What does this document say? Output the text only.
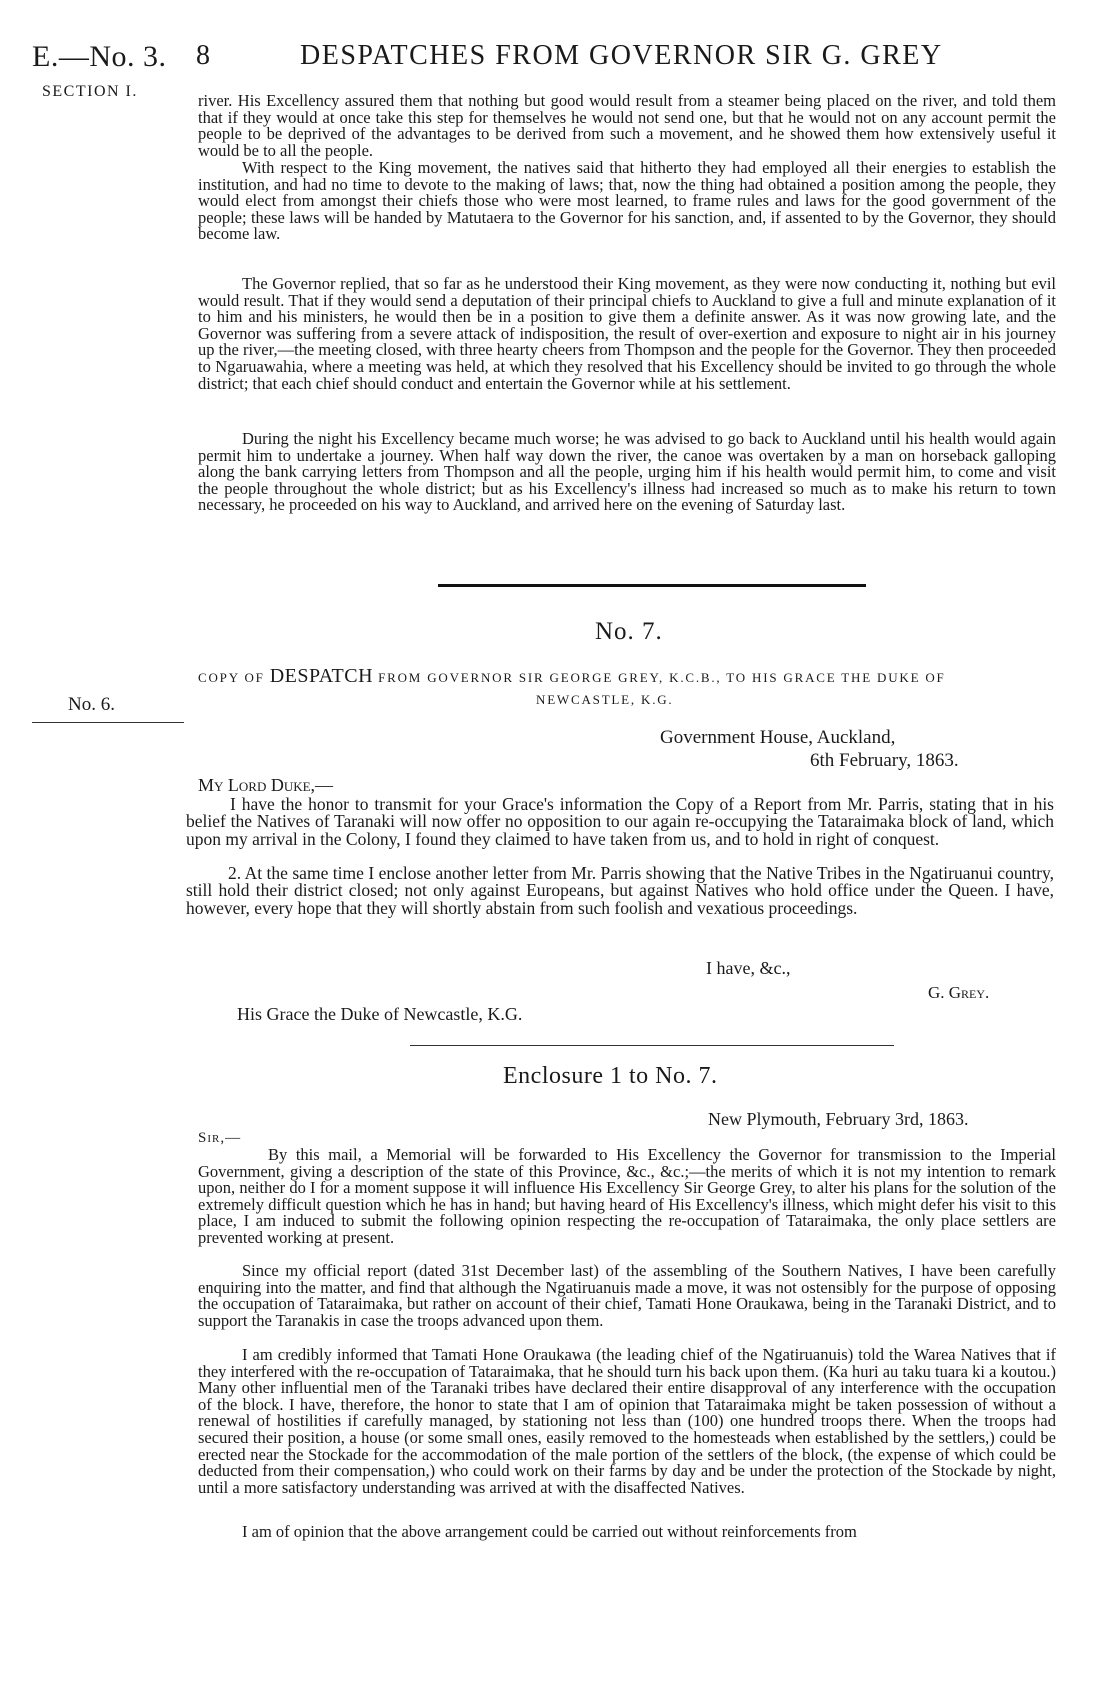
E.—No. 3. 8	DESPATCHES FROM GOVERNOR SIR G. GREY
SECTION I.	river. His Excellency assured them that nothing but good would result from a steamer being placed on the river, and told them that if they would at once take this step for themselves he would not send one, but that he would not on any account permit the people to be deprived of the advantages to be derived from such a movement, and he showed them how extensively useful it would be to all the people.

With respect to the King movement, the natives said that hitherto they had employed all their energies to establish the institution, and had no time to devote to the making of laws; that, now the thing had obtained a position among the people, they would elect from amongst their chiefs those who were most learned, to frame rules and laws for the good government of the people; these laws will be handed by Matutaera to the Governor for his sanction, and, if assented to by the Governor, they should become law.

The Governor replied, that so far as he understood their King movement, as they were now conducting it, nothing but evil would result. That if they would send a deputation of their principal chiefs to Auckland to give a full and minute explanation of it to him and his ministers, he would then be in a position to give them a definite answer. As it was now growing late, and the Governor was suffering from a severe attack of indisposition, the result of over-exertion and exposure to night air in his journey up the river,—the meeting closed, with three hearty cheers from Thompson and the people for the Governor. They then proceeded to Ngaruawahia, where a meeting was held, at which they resolved that his Excellency should be invited to go through the whole district; that each chief should conduct and entertain the Governor while at his settlement.

During the night his Excellency became much worse; he was advised to go back to Auckland until his health would again permit him to undertake a journey. When half way down the river, the canoe was overtaken by a man on horseback galloping along the bank carrying letters from Thompson and all the people, urging him if his health would permit him, to come and visit the people throughout the whole district; but as his Excellency's illness had increased so much as to make his return to town necessary, he proceeded on his way to Auckland, and arrived here on the evening of Saturday last.

No. 7.
COPY OF DESPATCH FROM GOVERNOR SIR GEORGE GREY, K.C.B., TO HIS GRACE THE DUKE OF
NEWCASTLE, K.G.
No. 6.
Government House, Auckland,
6th February, 1863.
My Lord Duke,—

I have the honor to transmit for your Grace's information the Copy of a Report from Mr. Parris, stating that in his belief the Natives of Taranaki will now offer no opposition to our again re-occupying the Tataraimaka block of land, which upon my arrival in the Colony, I found they claimed to have taken from us, and to hold in right of conquest.

2. At the same time I enclose another letter from Mr. Parris showing that the Native Tribes in the Ngatiruanui country, still hold their district closed; not only against Europeans, but against Natives who hold office under the Queen. I have, however, every hope that they will shortly abstain from such foolish and vexatious proceedings.

I have, &c.,
G. Grey.
His Grace the Duke of Newcastle, K.G.
Enclosure 1 to No. 7.
New Plymouth, February 3rd, 1863.
Sir,—

By this mail, a Memorial will be forwarded to His Excellency the Governor for transmission to the Imperial Government, giving a description of the state of this Province, &c., &c.;—the merits of which it is not my intention to remark upon, neither do I for a moment suppose it will influence His Excellency Sir George Grey, to alter his plans for the solution of the extremely difficult question which he has in hand; but having heard of His Excellency's illness, which might defer his visit to this place, I am induced to submit the following opinion respecting the re-occupation of Tataraimaka, the only place settlers are prevented working at present.

Since my official report (dated 31st December last) of the assembling of the Southern Natives, I have been carefully enquiring into the matter, and find that although the Ngatiruanuis made a move, it was not ostensibly for the purpose of opposing the occupation of Tataraimaka, but rather on account of their chief, Tamati Hone Oraukawa, being in the Taranaki District, and to support the Taranakis in case the troops advanced upon them.

I am credibly informed that Tamati Hone Oraukawa (the leading chief of the Ngatiruanuis) told the Warea Natives that if they interfered with the re-occupation of Tataraimaka, that he should turn his back upon them. (Ka huri au taku tuara ki a koutou.) Many other influential men of the Taranaki tribes have declared their entire disapproval of any interference with the occupation of the block. I have, therefore, the honor to state that I am of opinion that Tataraimaka might be taken possession of without a renewal of hostilities if carefully managed, by stationing not less than (100) one hundred troops there. When the troops had secured their position, a house (or some small ones, easily removed to the homesteads when established by the settlers,) could be erected near the Stockade for the accommodation of the male portion of the settlers of the block, (the expense of which could be deducted from their compensation,) who could work on their farms by day and be under the protection of the Stockade by night, until a more satisfactory understanding was arrived at with the disaffected Natives.

I am of opinion that the above arrangement could be carried out without reinforcements from
